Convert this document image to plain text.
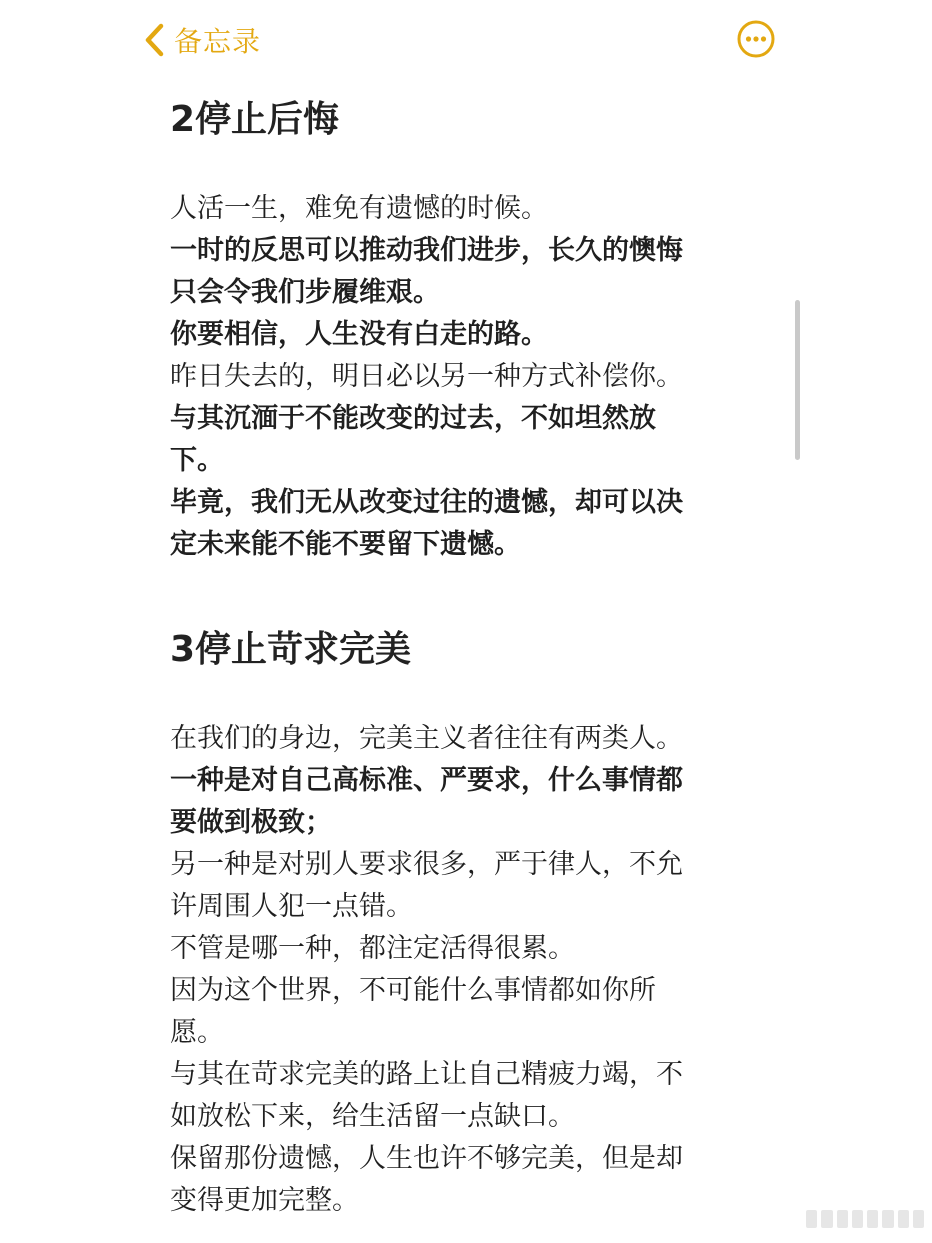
备忘录
2停止后悔
人活一生，难免有遗憾的时候。
一时的反思可以推动我们进步，长久的懊悔
只会令我们步履维艰。
你要相信，人生没有白走的路。
昨日失去的，明日必以另一种方式补偿你。
与其沉湎于不能改变的过去，不如坦然放
下。
毕竟，我们无从改变过往的遗憾，却可以决
定未来能不能不要留下遗憾。
3停止苛求完美
在我们的身边，完美主义者往往有两类人。
一种是对自己高标准、严要求，什么事情都
要做到极致；
另一种是对别人要求很多，严于律人，不允
许周围人犯一点错。
不管是哪一种，都注定活得很累。
因为这个世界，不可能什么事情都如你所
愿。
与其在苛求完美的路上让自己精疲力竭，不
如放松下来，给生活留一点缺口。
保留那份遗憾，人生也许不够完美，但是却
变得更加完整。
